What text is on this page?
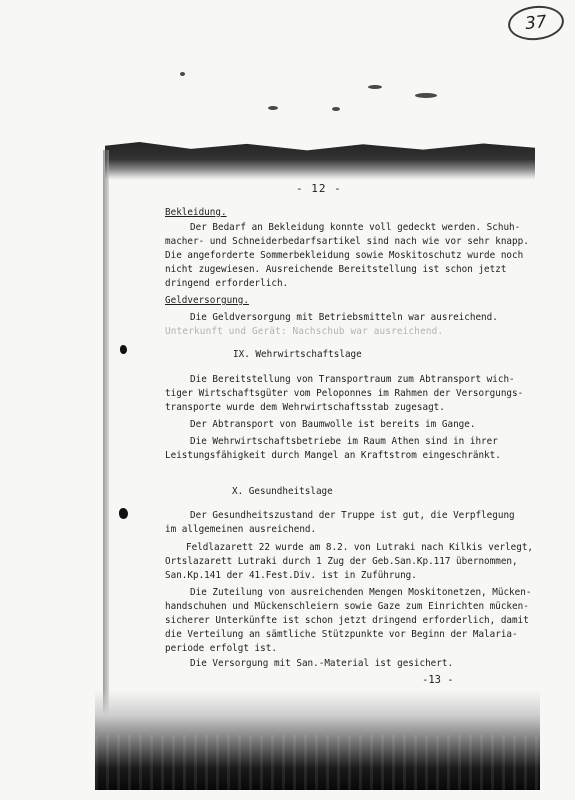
37
- 12 -
Bekleidung.
Der Bedarf an Bekleidung konnte voll gedeckt werden. Schuh-
macher- und Schneiderbedarfsartikel sind nach wie vor sehr knapp.
Die angeforderte Sommerbekleidung sowie Moskitoschutz wurde noch
nicht zugewiesen. Ausreichende Bereitstellung ist schon jetzt
dringend erforderlich.
Geldversorgung.
Die Geldversorgung mit Betriebsmitteln war ausreichend.
Unterkunft und Gerät: Nachschub war ausreichend.
IX. Wehrwirtschaftslage
Die Bereitstellung von Transportraum zum Abtransport wich-
tiger Wirtschaftsgüter vom Peloponnes im Rahmen der Versorgungs-
transporte wurde dem Wehrwirtschaftsstab zugesagt.
Der Abtransport von Baumwolle ist bereits im Gange.
Die Wehrwirtschaftsbetriebe im Raum Athen sind in ihrer
Leistungsfähigkeit durch Mangel an Kraftstrom eingeschränkt.
X. Gesundheitslage
Der Gesundheitszustand der Truppe ist gut, die Verpflegung
im allgemeinen ausreichend.
Feldlazarett 22 wurde am 8.2. von Lutraki nach Kilkis verlegt,
Ortslazarett Lutraki durch 1 Zug der Geb.San.Kp.117 übernommen,
San.Kp.141 der 41.Fest.Div. ist in Zuführung.
Die Zuteilung von ausreichenden Mengen Moskitonetzen, Mücken-
handschuhen und Mückenschleiern sowie Gaze zum Einrichten mücken-
sicherer Unterkünfte ist schon jetzt dringend erforderlich, damit
die Verteilung an sämtliche Stützpunkte vor Beginn der Malaria-
periode erfolgt ist.
Die Versorgung mit San.-Material ist gesichert.
-13 -
